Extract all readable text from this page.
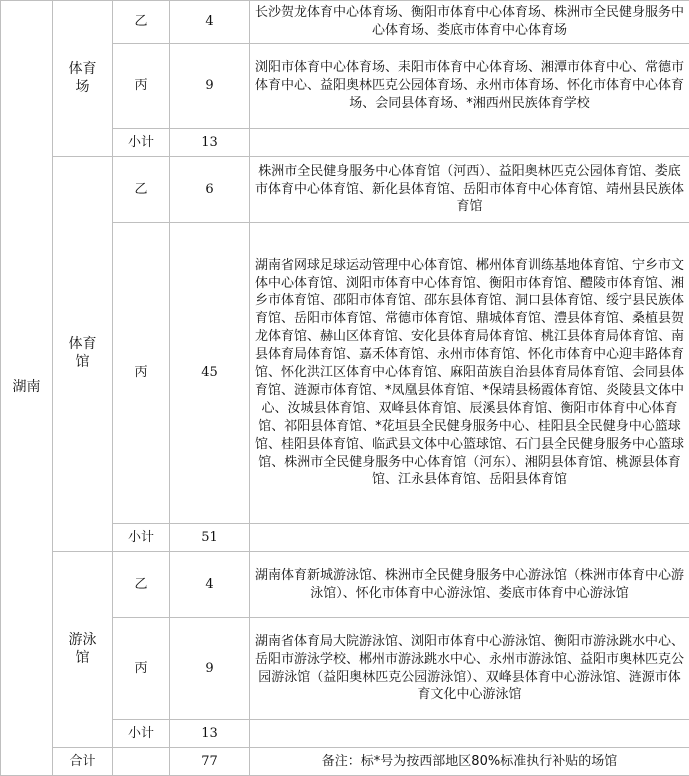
湖南	体育场	乙	4	长沙贺龙体育中心体育场、衡阳市体育中心体育场、株洲市全民健身服务中心体育场、娄底市体育中心体育场
		丙	9	浏阳市体育中心体育场、耒阳市体育中心体育场、湘潭市体育中心、常德市体育中心、益阳奥林匹克公园体育场、永州市体育场、怀化市体育中心体育场、会同县体育场、*湘西州民族体育学校
		小计	13	
	体育馆	乙	6	株洲市全民健身服务中心体育馆（河西）、益阳奥林匹克公园体育馆、娄底市体育中心体育馆、新化县体育馆、岳阳市体育中心体育馆、靖州县民族体育馆
		丙	45	湖南省网球足球运动管理中心体育馆、郴州体育训练基地体育馆、宁乡市文体中心体育馆、浏阳市体育中心体育馆、衡阳市体育馆、醴陵市体育馆、湘乡市体育馆、邵阳市体育馆、邵东县体育馆、洞口县体育馆、绥宁县民族体育馆、岳阳市体育馆、常德市体育馆、鼎城体育馆、澧县体育馆、桑植县贺龙体育馆、赫山区体育馆、安化县体育局体育馆、桃江县体育局体育馆、南县体育局体育馆、嘉禾体育馆、永州市体育馆、怀化市体育中心迎丰路体育馆、怀化洪江区体育中心体育馆、麻阳苗族自治县体育局体育馆、会同县体育馆、涟源市体育馆、*凤凰县体育馆、*保靖县杨霞体育馆、炎陵县文体中心、汝城县体育馆、双峰县体育馆、辰溪县体育馆、衡阳市体育中心体育馆、祁阳县体育馆、*花垣县全民健身服务中心、桂阳县全民健身中心篮球馆、桂阳县体育馆、临武县文体中心篮球馆、石门县全民健身服务中心篮球馆、株洲市全民健身服务中心体育馆（河东）、湘阴县体育馆、桃源县体育馆、江永县体育馆、岳阳县体育馆
		小计	51	
	游泳馆	乙	4	湖南体育新城游泳馆、株洲市全民健身服务中心游泳馆（株洲市体育中心游泳馆）、怀化市体育中心游泳馆、娄底市体育中心游泳馆
		丙	9	湖南省体育局大院游泳馆、浏阳市体育中心游泳馆、衡阳市游泳跳水中心、岳阳市游泳学校、郴州市游泳跳水中心、永州市游泳馆、益阳市奥林匹克公园游泳馆（益阳奥林匹克公园游泳馆）、双峰县体育中心游泳馆、涟源市体育文化中心游泳馆
		小计	13	
	合计		77	备注：标*号为按西部地区80%标准执行补贴的场馆
